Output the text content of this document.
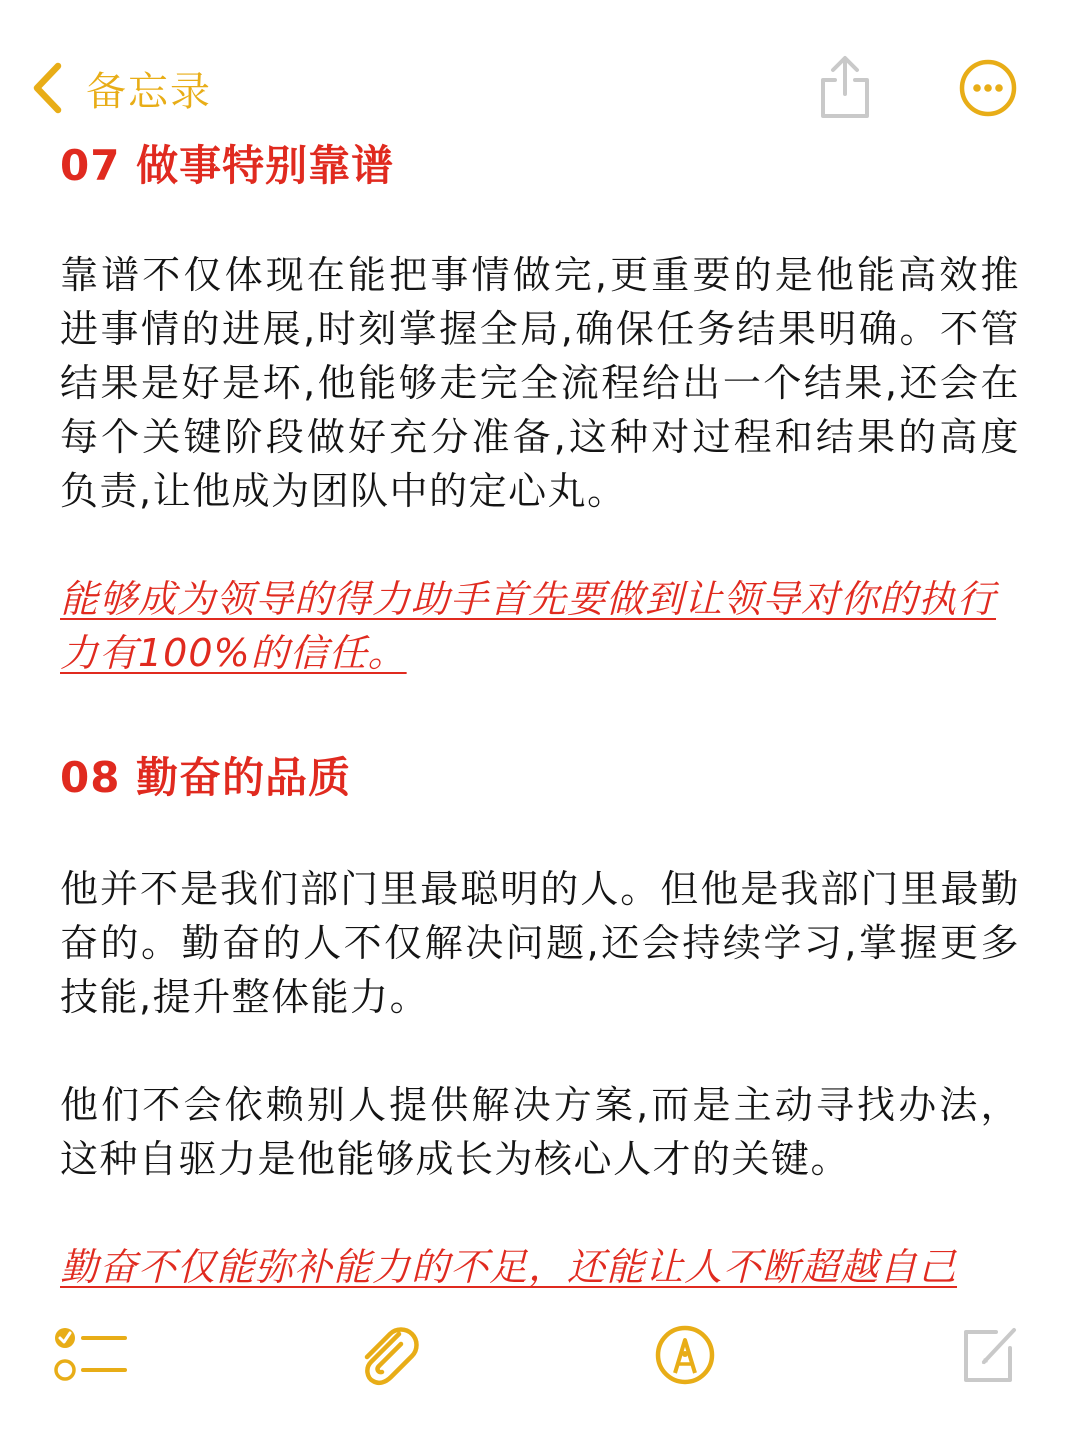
备忘录
07 做事特别靠谱

靠谱不仅体现在能把事情做完,更重要的是他能高效推进事情的进展,时刻掌握全局,确保任务结果明确。不管结果是好是坏,他能够走完全流程给出一个结果,还会在每个关键阶段做好充分准备,这种对过程和结果的高度负责,让他成为团队中的定心丸。

能够成为领导的得力助手首先要做到让领导对你的执行力有100%的信任。

08 勤奋的品质

他并不是我们部门里最聪明的人。但他是我部门里最勤奋的。勤奋的人不仅解决问题,还会持续学习,掌握更多技能,提升整体能力。

他们不会依赖别人提供解决方案,而是主动寻找办法，这种自驱力是他能够成长为核心人才的关键。

勤奋不仅能弥补能力的不足，还能让人不断超越自己
